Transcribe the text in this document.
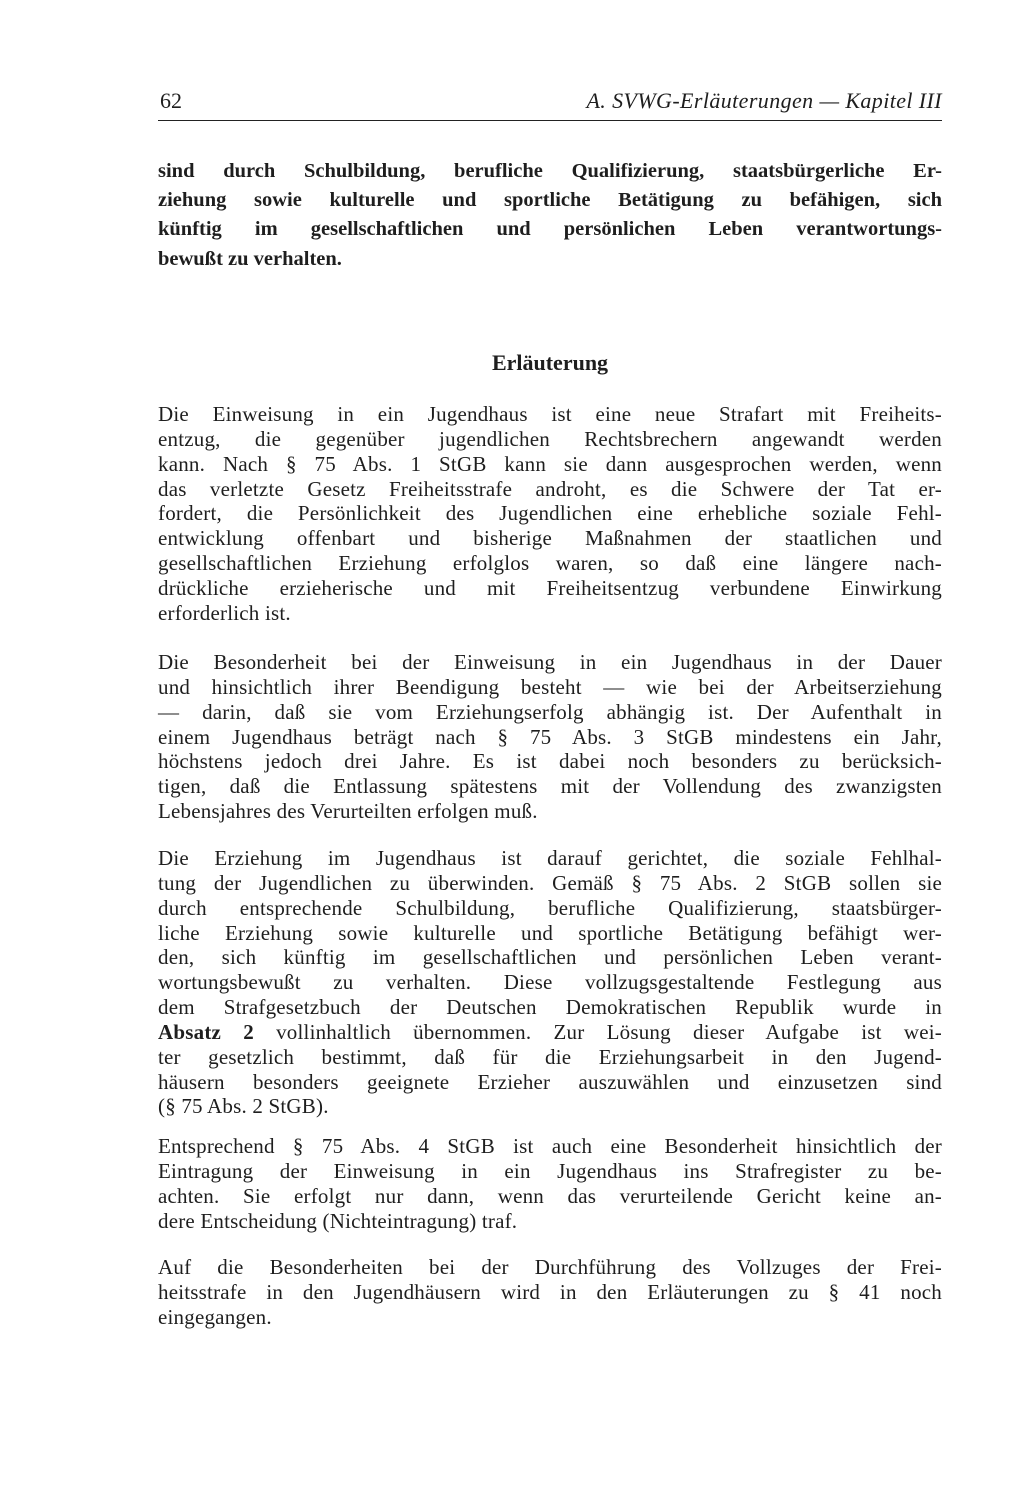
62	A. SVWG-Erläuterungen — Kapitel III

sind durch Schulbildung, berufliche Qualifizierung, staatsbürgerliche Er-
ziehung sowie kulturelle und sportliche Betätigung zu befähigen, sich
künftig im gesellschaftlichen und persönlichen Leben verantwortungs-
bewußt zu verhalten.

Erläuterung

Die Einweisung in ein Jugendhaus ist eine neue Strafart mit Freiheits-
entzug, die gegenüber jugendlichen Rechtsbrechern angewandt werden
kann. Nach § 75 Abs. 1 StGB kann sie dann ausgesprochen werden, wenn
das verletzte Gesetz Freiheitsstrafe androht, es die Schwere der Tat er-
fordert, die Persönlichkeit des Jugendlichen eine erhebliche soziale Fehl-
entwicklung offenbart und bisherige Maßnahmen der staatlichen und
gesellschaftlichen Erziehung erfolglos waren, so daß eine längere nach-
drückliche erzieherische und mit Freiheitsentzug verbundene Einwirkung
erforderlich ist.

Die Besonderheit bei der Einweisung in ein Jugendhaus in der Dauer
und hinsichtlich ihrer Beendigung besteht — wie bei der Arbeitserziehung
— darin, daß sie vom Erziehungserfolg abhängig ist. Der Aufenthalt in
einem Jugendhaus beträgt nach § 75 Abs. 3 StGB mindestens ein Jahr,
höchstens jedoch drei Jahre. Es ist dabei noch besonders zu berücksich-
tigen, daß die Entlassung spätestens mit der Vollendung des zwanzigsten
Lebensjahres des Verurteilten erfolgen muß.

Die Erziehung im Jugendhaus ist darauf gerichtet, die soziale Fehlhal-
tung der Jugendlichen zu überwinden. Gemäß § 75 Abs. 2 StGB sollen sie
durch entsprechende Schulbildung, berufliche Qualifizierung, staatsbürger-
liche Erziehung sowie kulturelle und sportliche Betätigung befähigt wer-
den, sich künftig im gesellschaftlichen und persönlichen Leben verant-
wortungsbewußt zu verhalten. Diese vollzugsgestaltende Festlegung aus
dem Strafgesetzbuch der Deutschen Demokratischen Republik wurde in
Absatz 2 vollinhaltlich übernommen. Zur Lösung dieser Aufgabe ist wei-
ter gesetzlich bestimmt, daß für die Erziehungsarbeit in den Jugend-
häusern besonders geeignete Erzieher auszuwählen und einzusetzen sind
(§ 75 Abs. 2 StGB).

Entsprechend § 75 Abs. 4 StGB ist auch eine Besonderheit hinsichtlich der
Eintragung der Einweisung in ein Jugendhaus ins Strafregister zu be-
achten. Sie erfolgt nur dann, wenn das verurteilende Gericht keine an-
dere Entscheidung (Nichteintragung) traf.

Auf die Besonderheiten bei der Durchführung des Vollzuges der Frei-
heitsstrafe in den Jugendhäusern wird in den Erläuterungen zu § 41 noch
eingegangen.
